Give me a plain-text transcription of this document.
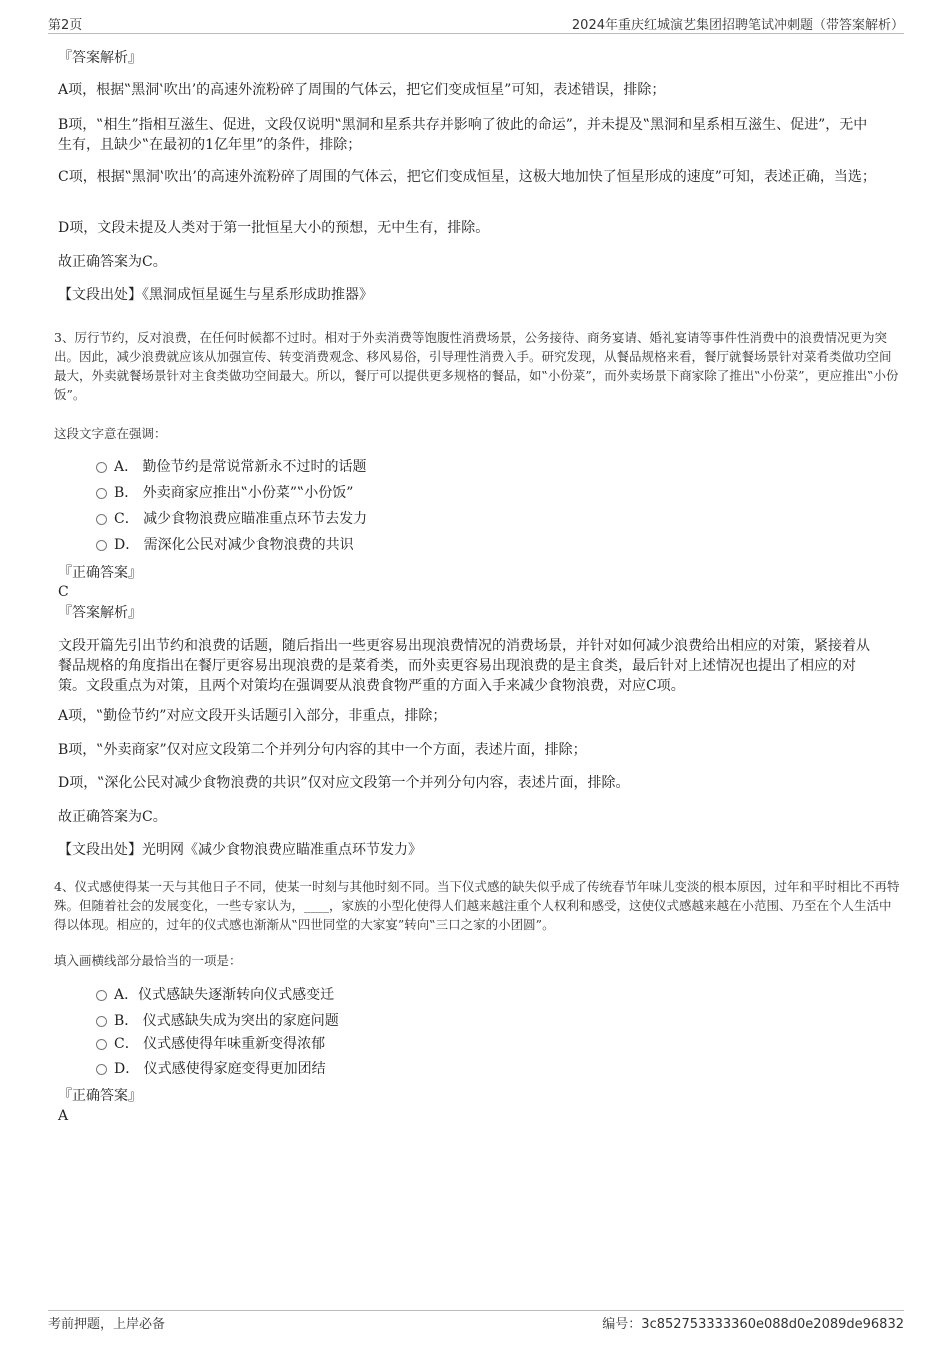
第2页	2024年重庆红城演艺集团招聘笔试冲刺题（带答案解析）
『答案解析』
A项，根据‟黑洞‛吹出’的高速外流粉碎了周围的气体云，把它们变成恒星”可知，表述错误，排除；
B项，‟相生”指相互滋生、促进，文段仅说明‟黑洞和星系共存并影响了彼此的命运”，并未提及‟黑洞和星系相互滋生、促进”，无中生有，且缺少‟在最初的1亿年里”的条件，排除；
C项，根据‟黑洞‛吹出’的高速外流粉碎了周围的气体云，把它们变成恒星，这极大地加快了恒星形成的速度”可知，表述正确，当选；
D项，文段未提及人类对于第一批恒星大小的预想，无中生有，排除。
故正确答案为C。
【文段出处】《黑洞成恒星诞生与星系形成助推器》
3、厉行节约，反对浪费，在任何时候都不过时。相对于外卖消费等饱腹性消费场景，公务接待、商务宴请、婚礼宴请等事件性消费中的浪费情况更为突出。因此，减少浪费就应该从加强宣传、转变消费观念、移风易俗，引导理性消费入手。研究发现，从餐品规格来看，餐厅就餐场景针对菜肴类做功空间最大，外卖就餐场景针对主食类做功空间最大。所以，餐厅可以提供更多规格的餐品，如‟小份菜”，而外卖场景下商家除了推出‟小份菜”，更应推出‟小份饭”。
这段文字意在强调：
A． 勤俭节约是常说常新永不过时的话题
B． 外卖商家应推出‟小份菜”‟小份饭”
C． 减少食物浪费应瞄准重点环节去发力
D． 需深化公民对减少食物浪费的共识
『正确答案』
C
『答案解析』
文段开篇先引出节约和浪费的话题，随后指出一些更容易出现浪费情况的消费场景，并针对如何减少浪费给出相应的对策，紧接着从餐品规格的角度指出在餐厅更容易出现浪费的是菜肴类，而外卖更容易出现浪费的是主食类，最后针对上述情况也提出了相应的对策。文段重点为对策，且两个对策均在强调要从浪费食物严重的方面入手来减少食物浪费，对应C项。
A项，‟勤俭节约”对应文段开头话题引入部分，非重点，排除；
B项，‟外卖商家”仅对应文段第二个并列分句内容的其中一个方面，表述片面，排除；
D项，‟深化公民对减少食物浪费的共识”仅对应文段第一个并列分句内容，表述片面，排除。
故正确答案为C。
【文段出处】光明网《减少食物浪费应瞄准重点环节发力》
4、仪式感使得某一天与其他日子不同，使某一时刻与其他时刻不同。当下仪式感的缺失似乎成了传统春节年味儿变淡的根本原因，过年和平时相比不再特殊。但随着社会的发展变化，一些专家认为，____，家族的小型化使得人们越来越注重个人权利和感受，这使仪式感越来越在小范围、乃至在个人生活中得以体现。相应的，过年的仪式感也渐渐从‟四世同堂的大家宴”转向‟三口之家的小团圆”。
填入画横线部分最恰当的一项是：
A．仪式感缺失逐渐转向仪式感变迁
B． 仪式感缺失成为突出的家庭问题
C． 仪式感使得年味重新变得浓郁
D． 仪式感使得家庭变得更加团结
『正确答案』
A
考前押题，上岸必备	编号：3c852753333360e088d0e2089de96832
